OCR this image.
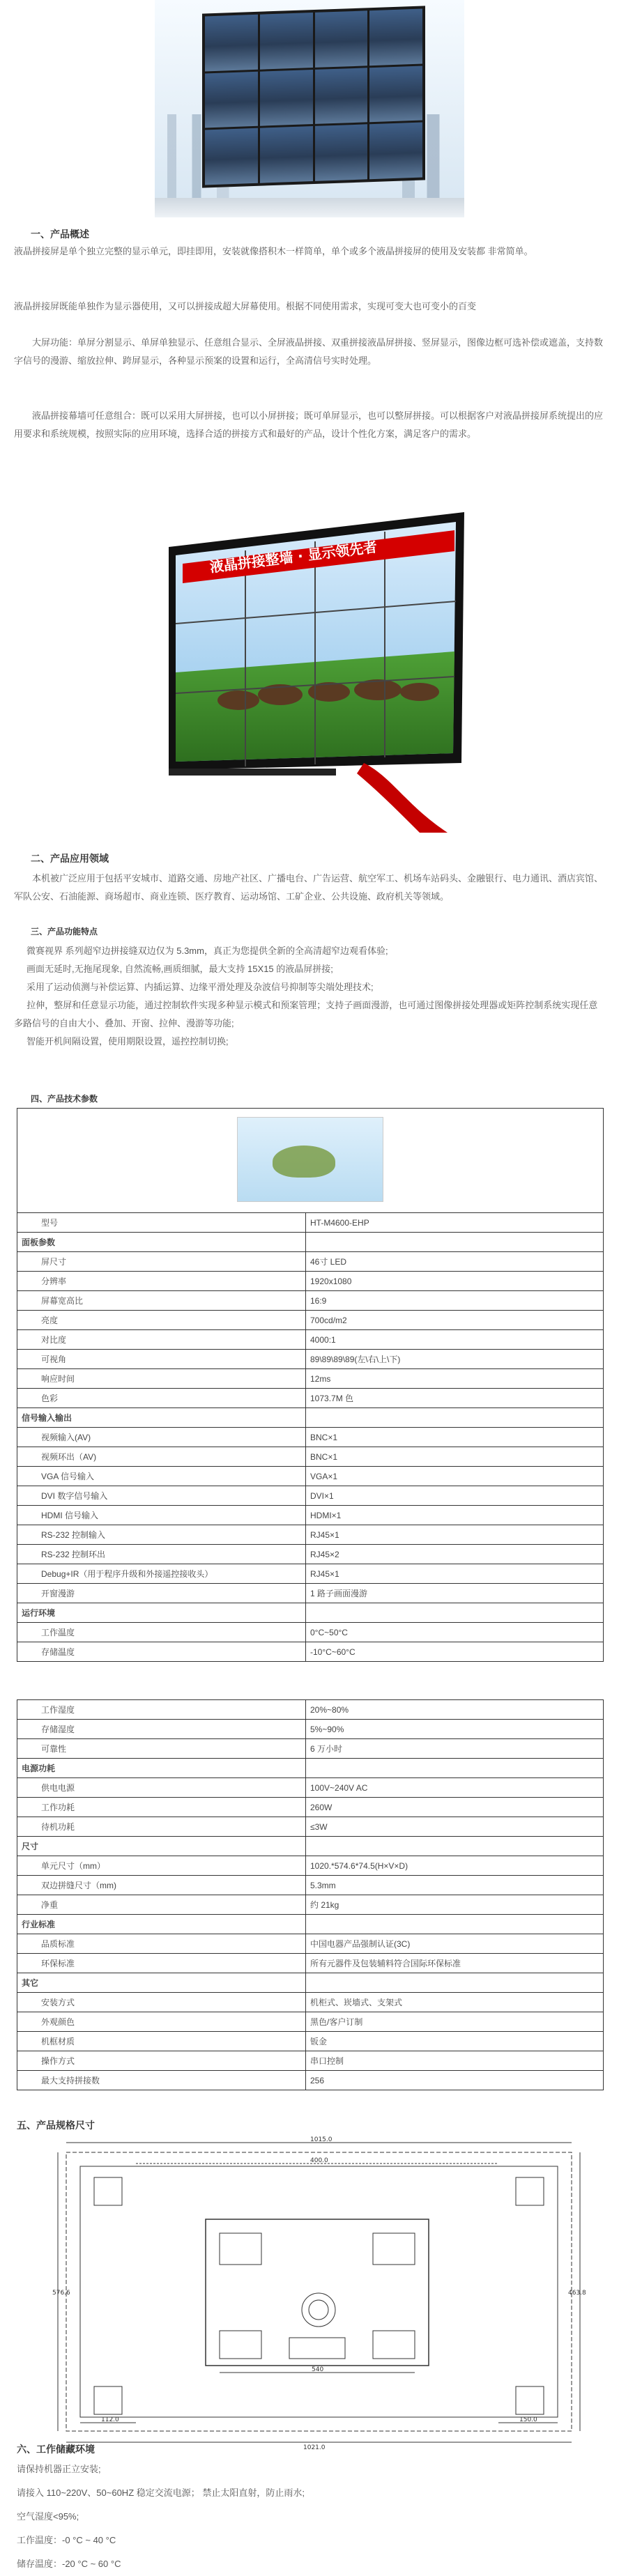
一、产品概述

液晶拼接屏是单个独立完整的显示单元，即挂即用，安装就像搭积木一样简单，单个或多个液晶拼接屏的使用及安装都 非常简单。

液晶拼接屏既能单独作为显示器使用，又可以拼接成超大屏幕使用。根据不同使用需求，实现可变大也可变小的百变

大屏功能：单屏分割显示、单屏单独显示、任意组合显示、全屏液晶拼接、双重拼接液晶屏拼接、竖屏显示，图像边框可选补偿或遮盖，支持数字信号的漫游、缩放拉伸、跨屏显示，各种显示预案的设置和运行，全高清信号实时处理。

液晶拼接幕墙可任意组合：既可以采用大屏拼接，也可以小屏拼接；既可单屏显示，也可以整屏拼接。可以根据客户对液晶拼接屏系统提出的应用要求和系统规模，按照实际的应用环境，选择合适的拼接方式和最好的产品，设计个性化方案，满足客户的需求。

液晶拼接整墙 · 显示领先者
二、产品应用领域

本机被广泛应用于包括平安城市、道路交通、房地产社区、广播电台、广告运营、航空军工、机场车站码头、金融银行、电力通讯、酒店宾馆、军队公安、石油能源、商场超市、商业连锁、医疗教育、运动场馆、工矿企业、公共设施、政府机关等领域。

三、产品功能特点

微赛视界 系列超窄边拼接缝双边仅为 5.3mm，真正为您提供全新的全高清超窄边观看体验;

画面无延时,无拖尾现象, 自然流畅,画质细腻，最大支持 15X15 的液晶屏拼接;

采用了运动侦测与补偿运算、内插运算、边缘平滑处理及杂波信号抑制等尖端处理技术;

拉伸，整屏和任意显示功能，通过控制软件实现多种显示模式和预案管理；支持子画面漫游，也可通过图像拼接处理器或矩阵控制系统实现任意多路信号的自由大小、叠加、开窗、拉伸、漫游等功能;

智能开机间隔设置，使用期限设置，遥控控制切换;

四、产品技术参数

型号	HT-M4600-EHP
面板参数	
屏尺寸	46寸 LED
分辨率	1920x1080
屏幕宽高比	16:9
亮度	700cd/m2
对比度	4000:1
可视角	89\89\89\89(左\右\上\下)
响应时间	12ms
色彩	1073.7M 色
信号输入输出	
视频输入(AV)	BNC×1
视频环出（AV)	BNC×1
VGA 信号输入	VGA×1
DVI 数字信号输入	DVI×1
HDMI 信号输入	HDMI×1
RS-232 控制输入	RJ45×1
RS-232 控制环出	RJ45×2
Debug+IR（用于程序升级和外接遥控接收头）	RJ45×1
开窗漫游	1 路子画面漫游
运行环境	
工作温度	0°C~50°C
存储温度	-10°C~60°C
工作湿度	20%~80%
存储湿度	5%~90%
可靠性	6 万小时
电源功耗	
供电电源	100V~240V AC
工作功耗	260W
待机功耗	≤3W
尺寸	
单元尺寸（mm）	1020.*574.6*74.5(H×V×D)
双边拼缝尺寸（mm)	5.3mm
净重	约 21kg
行业标准	
品质标准	中国电器产品强制认证(3C)
环保标准	所有元器件及包装辅料符合国际环保标准
其它	
安装方式	机柜式、崁墙式、支架式
外观颜色	黑色/客户订制
机框材质	钣金
操作方式	串口控制
最大支持拼接数	256
五、产品规格尺寸
1015.0
1021.0
576.6	463.8
540
112.0	150.0
400.0
六、工作储藏环境

请保持机器正立安装;

请接入 110~220V、50~60HZ 稳定交流电源； 禁止太阳直射，防止雨水;

空气湿度<95%;

工作温度：-0 °C ~ 40 °C

储存温度：-20 °C ~ 60 °C
